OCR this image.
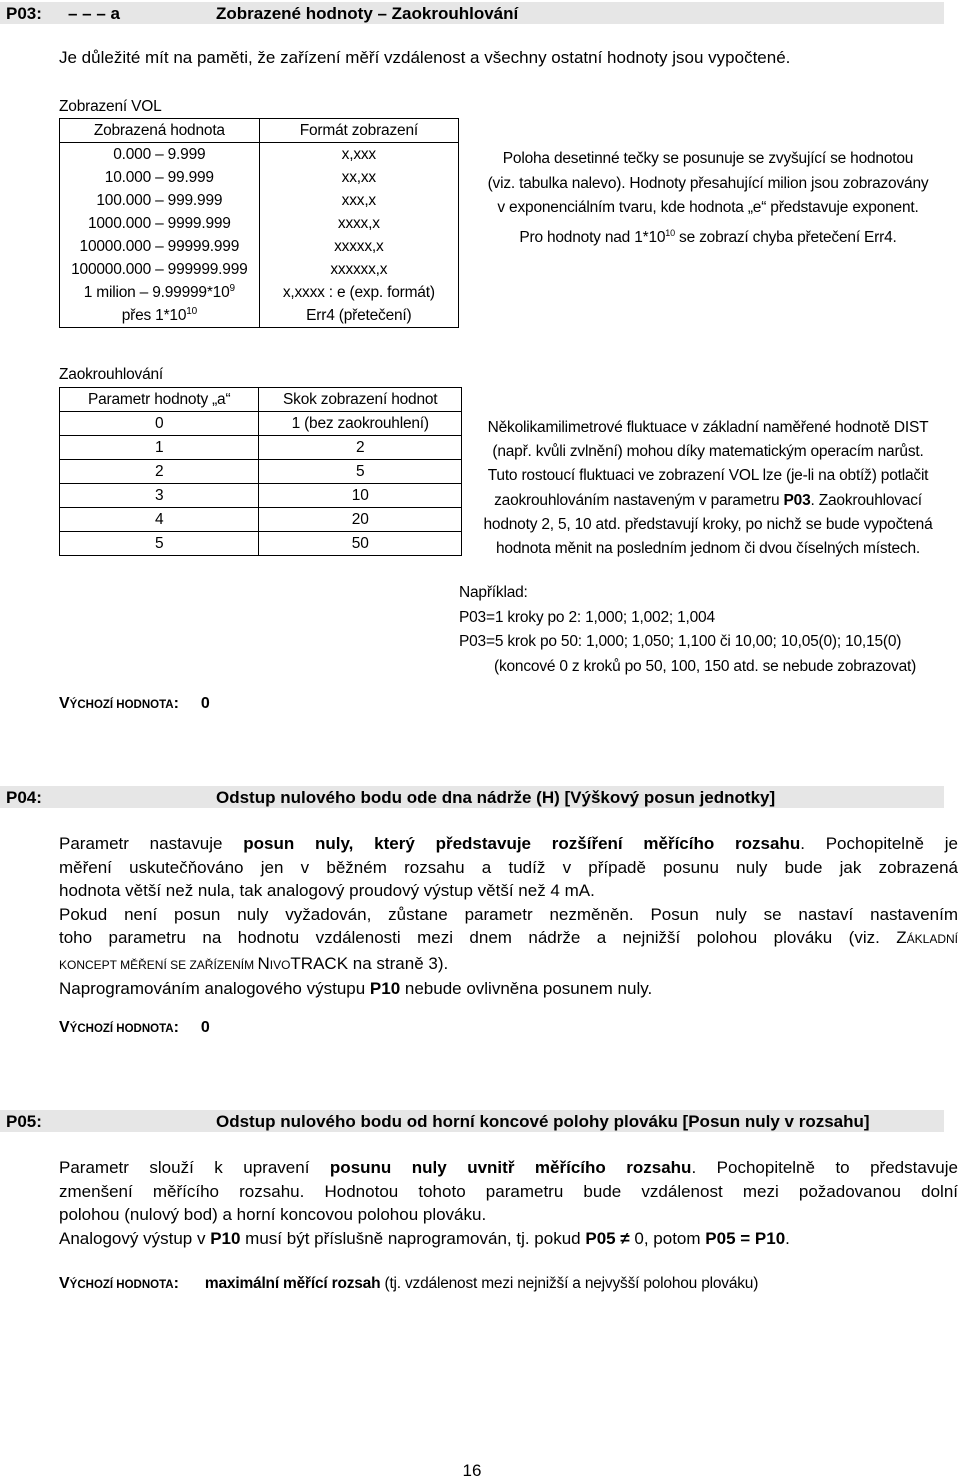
P03: – – – a	Zobrazené hodnoty – Zaokrouhlování
Je důležité mít na paměti, že zařízení měří vzdálenost a všechny ostatní hodnoty jsou vypočtené.
Zobrazení VOL
Zobrazená hodnota	Formát zobrazení
0.000 – 9.999	x,xxx
10.000 – 99.999	xx,xx
100.000 – 999.999	xxx,x
1000.000 – 9999.999	xxxx,x
10000.000 – 99999.999	xxxxx,x
100000.000 – 999999.999	xxxxxx,x
1 milion – $9.99999*10^9$	x,xxxx : e (exp. formát)
přes $1*10^{10}$	Err4 (přetečení)
Poloha desetinné tečky se posunuje se zvyšující se hodnotou
(viz. tabulka nalevo). Hodnoty přesahující milion jsou zobrazovány
v exponenciálním tvaru, kde hodnota „e“ představuje exponent.
Pro hodnoty nad $1*10^{10}$ se zobrazí chyba přetečení Err4.
Zaokrouhlování
Parametr hodnoty „a“	Skok zobrazení hodnot
0	1 (bez zaokrouhlení)
1	2
2	5
3	10
4	20
5	50
Několikamilimetrové fluktuace v základní naměřené hodnotě DIST
(např. kvůli zvlnění) mohou díky matematickým operacím narůst.
Tuto rostoucí fluktuaci ve zobrazení VOL lze (je-li na obtíž) potlačit
zaokrouhlováním nastaveným v parametru P03. Zaokrouhlovací
hodnoty 2, 5, 10 atd. představují kroky, po nichž se bude vypočtená
hodnota měnit na posledním jednom či dvou číselných místech.
Například:
P03=1 kroky po 2: 1,000; 1,002; 1,004
P03=5 krok po 50: 1,000; 1,050; 1,100 či 10,00; 10,05(0); 10,15(0)
(koncové 0 z kroků po 50, 100, 150 atd. se nebude zobrazovat)
VÝCHOZÍ HODNOTA: 0
P04:	Odstup nulového bodu ode dna nádrže (H) [Výškový posun jednotky]
Parametr nastavuje posun nuly, který představuje rozšíření měřícího rozsahu. Pochopitelně je
měření uskutečňováno jen v běžném rozsahu a tudíž v případě posunu nuly bude jak zobrazená
hodnota větší než nula, tak analogový proudový výstup větší než 4 mA.
Pokud není posun nuly vyžadován, zůstane parametr nezměněn. Posun nuly se nastaví nastavením
toho parametru na hodnotu vzdálenosti mezi dnem nádrže a nejnižší polohou plováku (viz. ZÁKLADNÍ
KONCEPT MĚŘENÍ SE ZAŘÍZENÍM NIVOTRACK na straně 3).
Naprogramováním analogového výstupu P10 nebude ovlivněna posunem nuly.
VÝCHOZÍ HODNOTA: 0
P05:	Odstup nulového bodu od horní koncové polohy plováku [Posun nuly v rozsahu]
Parametr slouží k upravení posunu nuly uvnitř měřícího rozsahu. Pochopitelně to představuje
zmenšení měřícího rozsahu. Hodnotou tohoto parametru bude vzdálenost mezi požadovanou dolní
polohou (nulový bod) a horní koncovou polohou plováku.
Analogový výstup v P10 musí být příslušně naprogramován, tj. pokud P05 ≠ 0, potom P05 = P10.
VÝCHOZÍ HODNOTA: maximální měřící rozsah (tj. vzdálenost mezi nejnižší a nejvyšší polohou plováku)
16
